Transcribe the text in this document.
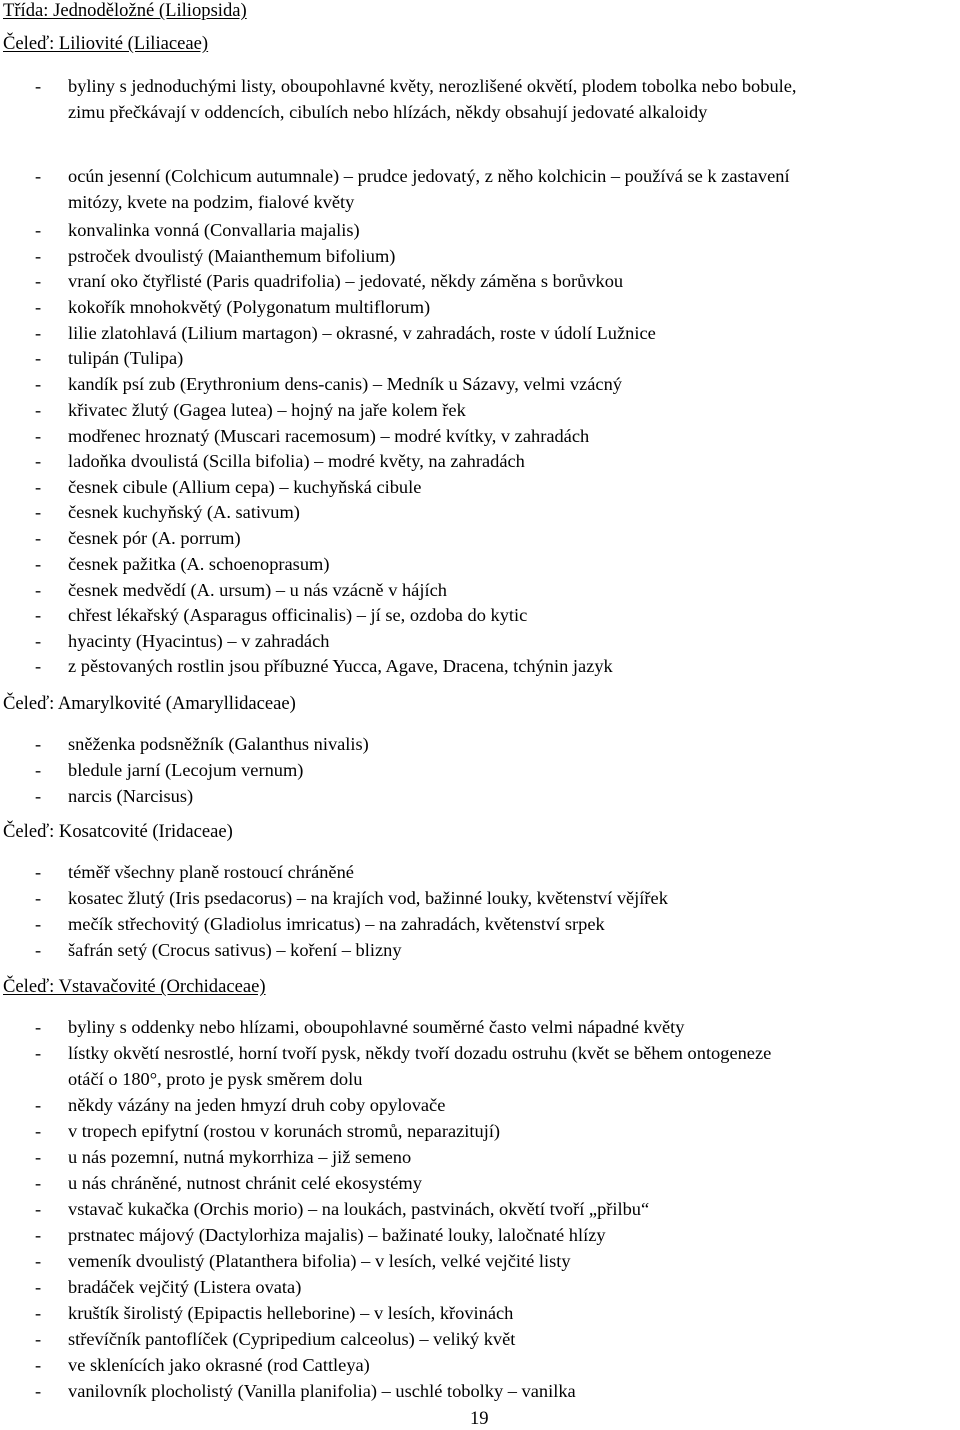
Třída: Jednoděložné (Liliopsida)
Čeleď: Liliovité (Liliaceae)
- byliny s jednoduchými listy, oboupohlavné květy, nerozlišené okvětí, plodem tobolka nebo bobule,
zimu přečkávají v oddencích, cibulích nebo hlízách, někdy obsahují jedovaté alkaloidy
- ocún jesenní (Colchicum autumnale) – prudce jedovatý, z něho kolchicin – používá se k zastavení
mitózy, kvete na podzim, fialové květy
- konvalinka vonná (Convallaria majalis)
- pstroček dvoulistý (Maianthemum bifolium)
- vraní oko čtyřlisté (Paris quadrifolia) – jedovaté, někdy záměna s borůvkou
- kokořík mnohokvětý (Polygonatum multiflorum)
- lilie zlatohlavá (Lilium martagon) – okrasné, v zahradách, roste v údolí Lužnice
- tulipán (Tulipa)
- kandík psí zub (Erythronium dens-canis) – Medník u Sázavy, velmi vzácný
- křivatec žlutý (Gagea lutea) – hojný na jaře kolem řek
- modřenec hroznatý (Muscari racemosum) – modré kvítky, v zahradách
- ladoňka dvoulistá (Scilla bifolia) – modré květy, na zahradách
- česnek cibule (Allium cepa) – kuchyňská cibule
- česnek kuchyňský (A. sativum)
- česnek pór (A. porrum)
- česnek pažitka (A. schoenoprasum)
- česnek medvědí (A. ursum) – u nás vzácně v hájích
- chřest lékařský (Asparagus officinalis) – jí se, ozdoba do kytic
- hyacinty (Hyacintus) – v zahradách
- z pěstovaných rostlin jsou příbuzné Yucca, Agave, Dracena, tchýnin jazyk
Čeleď: Amarylkovité (Amaryllidaceae)
- sněženka podsněžník (Galanthus nivalis)
- bledule jarní (Lecojum vernum)
- narcis (Narcisus)
Čeleď: Kosatcovité (Iridaceae)
- téměř všechny planě rostoucí chráněné
- kosatec žlutý (Iris psedacorus) – na krajích vod, bažinné louky, květenství vějířek
- mečík střechovitý (Gladiolus imricatus) – na zahradách, květenství srpek
- šafrán setý (Crocus sativus) – koření – blizny
Čeleď: Vstavačovité (Orchidaceae)
- byliny s oddenky nebo hlízami, oboupohlavné souměrné často velmi nápadné květy
- lístky okvětí nesrostlé, horní tvoří pysk, někdy tvoří dozadu ostruhu (květ se během ontogeneze
otáčí o 180°, proto je pysk směrem dolu
- někdy vázány na jeden hmyzí druh coby opylovače
- v tropech epifytní (rostou v korunách stromů, neparazitují)
- u nás pozemní, nutná mykorrhiza – již semeno
- u nás chráněné, nutnost chránit celé ekosystémy
- vstavač kukačka (Orchis morio) – na loukách, pastvinách, okvětí tvoří „přilbu“
- prstnatec májový (Dactylorhiza majalis) – bažinaté louky, laločnaté hlízy
- vemeník dvoulistý (Platanthera bifolia) – v lesích, velké vejčité listy
- bradáček vejčitý (Listera ovata)
- kruštík širolistý (Epipactis helleborine) – v lesích, křovinách
- střevíčník pantoflíček (Cypripedium calceolus) – veliký květ
- ve sklenících jako okrasné (rod Cattleya)
- vanilovník plocholistý (Vanilla planifolia) – uschlé tobolky – vanilka
19
